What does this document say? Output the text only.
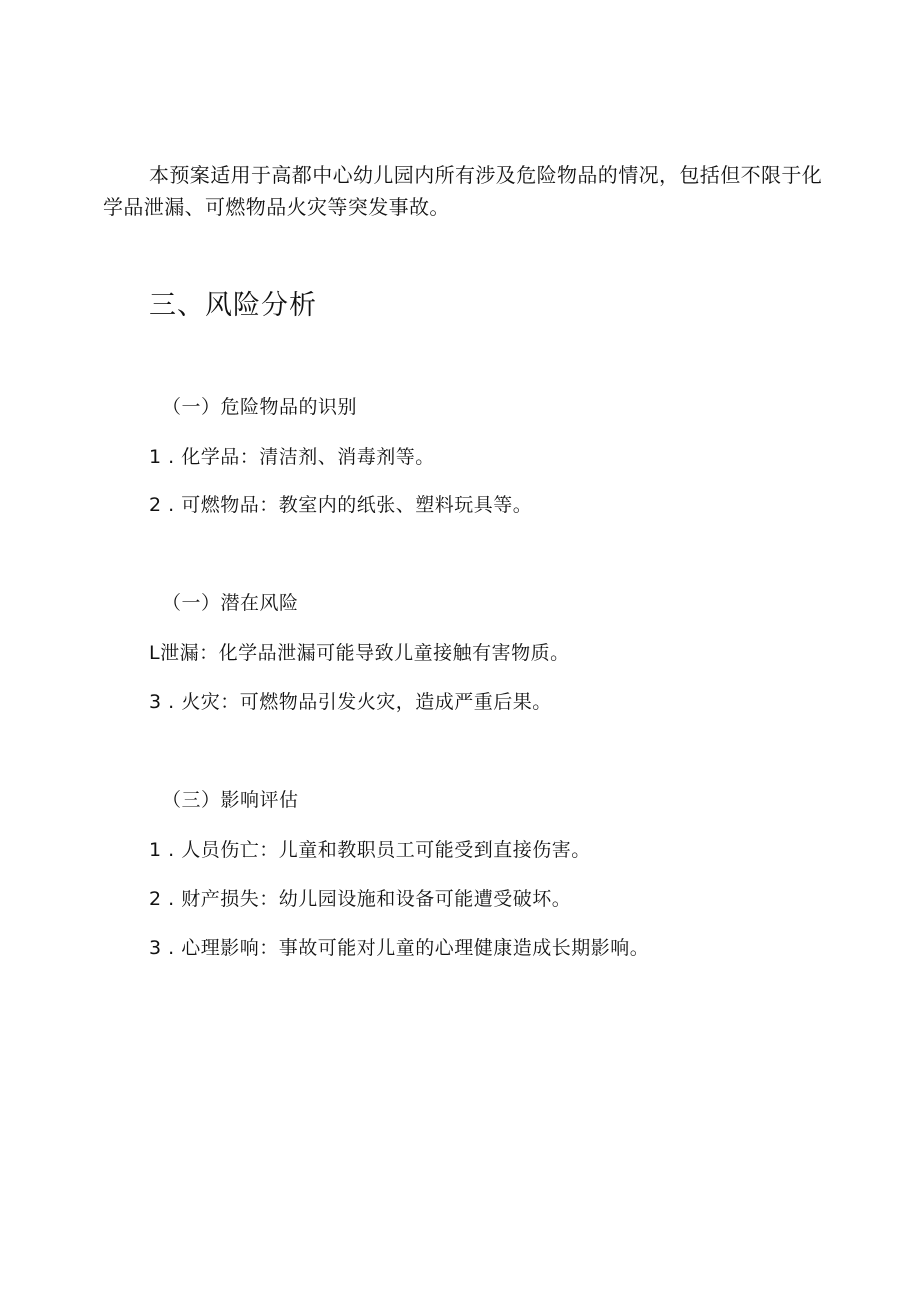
本预案适用于高都中心幼儿园内所有涉及危险物品的情况，包括但不限于化学品泄漏、可燃物品火灾等突发事故。

三、风险分析
（一）危险物品的识别
1 . 化学品：清洁剂、消毒剂等。
2 . 可燃物品：教室内的纸张、塑料玩具等。
（一）潜在风险
L泄漏：化学品泄漏可能导致儿童接触有害物质。
3 . 火灾：可燃物品引发火灾，造成严重后果。
（三）影响评估
1 . 人员伤亡：儿童和教职员工可能受到直接伤害。
2 . 财产损失：幼儿园设施和设备可能遭受破坏。
3 . 心理影响：事故可能对儿童的心理健康造成长期影响。
